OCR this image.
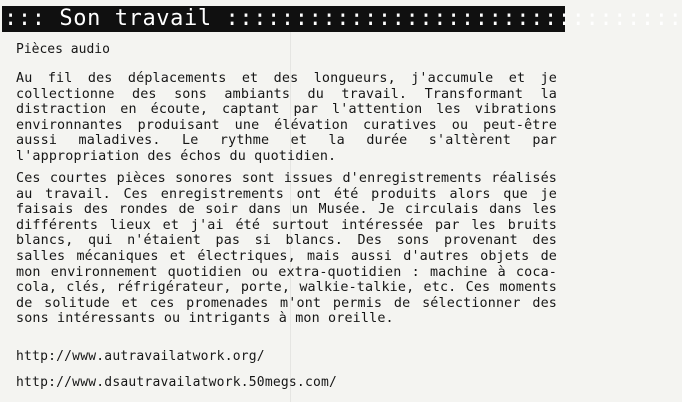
::: Son travail :::::::::::::::::::::::::::::::::
Pièces audio

Au fil des déplacements et des longueurs, j'accumule et je collectionne des sons ambiants du travail. Transformant la distraction en écoute, captant par l'attention les vibrations environnantes produisant une élévation curatives ou peut-être aussi maladives. Le rythme et la durée s'altèrent par l'appropriation des échos du quotidien.

Ces courtes pièces sonores sont issues d'enregistrements réalisés au travail. Ces enregistrements ont été produits alors que je faisais des rondes de soir dans un Musée. Je circulais dans les différents lieux et j'ai été surtout intéressée par les bruits blancs, qui n'étaient pas si blancs. Des sons provenant des salles mécaniques et électriques, mais aussi d'autres objets de mon environnement quotidien ou extra-quotidien : machine à coca-cola, clés, réfrigérateur, porte, walkie-talkie, etc. Ces moments de solitude et ces promenades m'ont permis de sélectionner des sons intéressants ou intrigants à mon oreille.

http://www.autravailatwork.org/
http://www.dsautravailatwork.50megs.com/
